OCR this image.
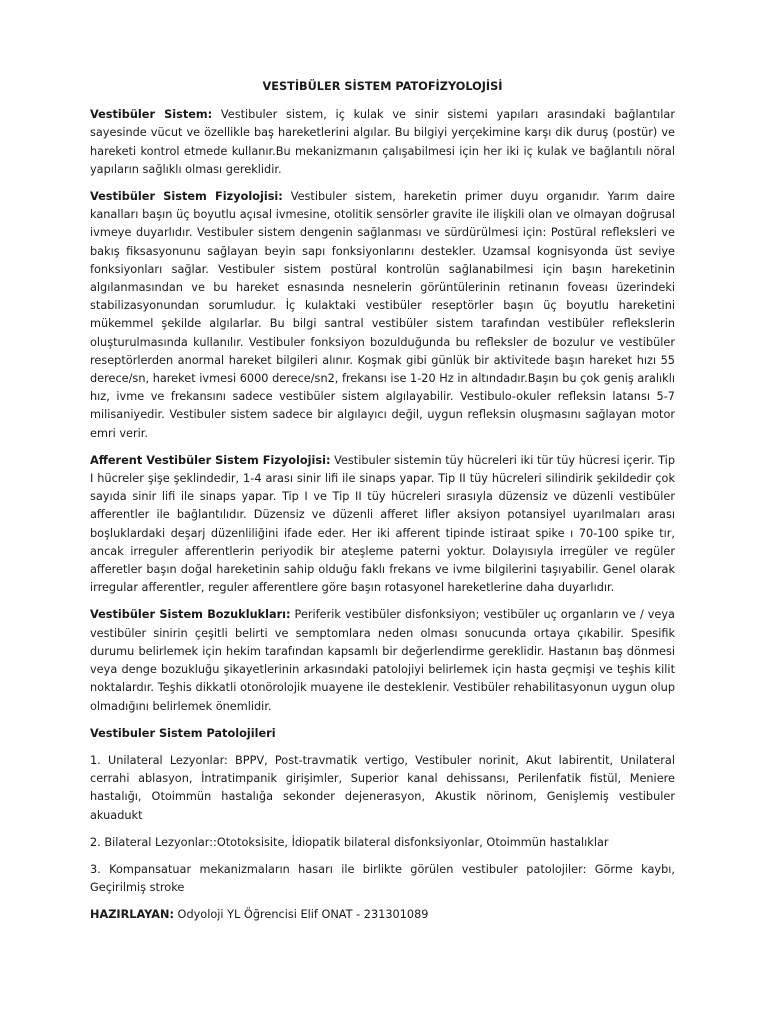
VESTİBÜLER SİSTEM PATOFİZYOLOJİSİ

Vestibüler Sistem: Vestibuler sistem, iç kulak ve sinir sistemi yapıları arasındaki bağlantılar sayesinde vücut ve özellikle baş hareketlerini algılar. Bu bilgiyi yerçekimine karşı dik duruş (postür) ve hareketi kontrol etmede kullanır.Bu mekanizmanın çalışabilmesi için her iki iç kulak ve bağlantılı nöral yapıların sağlıklı olması gereklidir.

Vestibüler Sistem Fizyolojisi: Vestibuler sistem, hareketin primer duyu organıdır. Yarım daire kanalları başın üç boyutlu açısal ivmesine, otolitik sensörler gravite ile ilişkili olan ve olmayan doğrusal ivmeye duyarlıdır. Vestibuler sistem dengenin sağlanması ve sürdürülmesi için: Postüral refleksleri ve bakış fiksasyonunu sağlayan beyin sapı fonksiyonlarını destekler. Uzamsal kognisyonda üst seviye fonksiyonları sağlar. Vestibuler sistem postüral kontrolün sağlanabilmesi için başın hareketinin algılanmasından ve bu hareket esnasında nesnelerin görüntülerinin retinanın foveası üzerindeki stabilizasyonundan sorumludur. İç kulaktaki vestibüler reseptörler başın üç boyutlu hareketini mükemmel şekilde algılarlar. Bu bilgi santral vestibüler sistem tarafından vestibüler reflekslerin oluşturulmasında kullanılır. Vestibuler fonksiyon bozulduğunda bu refleksler de bozulur ve vestibüler reseptörlerden anormal hareket bilgileri alınır. Koşmak gibi günlük bir aktivitede başın hareket hızı 55 derece/sn, hareket ivmesi 6000 derece/sn2, frekansı ise 1-20 Hz in altındadır.Başın bu çok geniş aralıklı hız, ivme ve frekansını sadece vestibüler sistem algılayabilir. Vestibulo-okuler refleksin latansı 5-7 milisaniyedir. Vestibuler sistem sadece bir algılayıcı değil, uygun refleksin oluşmasını sağlayan motor emri verir.

Afferent Vestibüler Sistem Fizyolojisi: Vestibuler sistemin tüy hücreleri iki tür tüy hücresi içerir. Tip I hücreler şişe şeklindedir, 1-4 arası sinir lifi ile sinaps yapar. Tip II tüy hücreleri silindirik şekildedir çok sayıda sinir lifi ile sinaps yapar. Tip I ve Tip II tüy hücreleri sırasıyla düzensiz ve düzenli vestibüler afferentler ile bağlantılıdır. Düzensiz ve düzenli afferet lifler aksiyon potansiyel uyarılmaları arası boşluklardaki deşarj düzenliliğini ifade eder. Her iki afferent tipinde istiraat spike ı 70-100 spike tır, ancak irreguler afferentlerin periyodik bir ateşleme paterni yoktur. Dolayısıyla irregüler ve regüler afferetler başın doğal hareketinin sahip olduğu faklı frekans ve ivme bilgilerini taşıyabilir. Genel olarak irregular afferentler, reguler afferentlere göre başın rotasyonel hareketlerine daha duyarlıdır.

Vestibüler Sistem Bozuklukları: Periferik vestibüler disfonksiyon; vestibüler uç organların ve / veya vestibüler sinirin çeşitli belirti ve semptomlara neden olması sonucunda ortaya çıkabilir. Spesifik durumu belirlemek için hekim tarafından kapsamlı bir değerlendirme gereklidir. Hastanın baş dönmesi veya denge bozukluğu şikayetlerinin arkasındaki patolojiyi belirlemek için hasta geçmişi ve teşhis kilit noktalardır. Teşhis dikkatli otonörolojik muayene ile desteklenir. Vestibüler rehabilitasyonun uygun olup olmadığını belirlemek önemlidir.

Vestibuler Sistem Patolojileri

1. Unilateral Lezyonlar: BPPV, Post-travmatik vertigo, Vestibuler norinit, Akut labirentit, Unilateral cerrahi ablasyon, İntratimpanik girişimler, Superior kanal dehissansı, Perilenfatik fistül, Meniere hastalığı, Otoimmün hastalığa sekonder dejenerasyon, Akustik nörinom, Genişlemiş vestibuler akuadukt

2. Bilateral Lezyonlar::Ototoksisite, İdiopatik bilateral disfonksiyonlar, Otoimmün hastalıklar

3. Kompansatuar mekanizmaların hasarı ile birlikte görülen vestibuler patolojiler: Görme kaybı, Geçirilmiş stroke

HAZIRLAYAN: Odyoloji YL Öğrencisi Elif ONAT - 231301089
